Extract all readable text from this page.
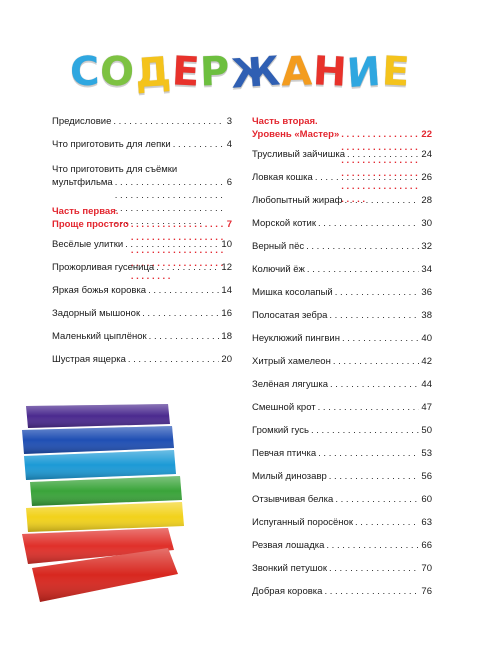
СОДЕРЖАНИЕ
Предисловие . . .	3
Что приготовить для лепки . . .	4
Что приготовить для съёмки
мультфильма . . .	6
Часть первая.
Проще простого . . .	7
Весёлые улитки . . .	10
Прожорливая гусеница . . .	12
Яркая божья коровка . . .	14
Задорный мышонок . . .	16
Маленький цыплёнок . . .	18
Шустрая ящерка . . .	20
Часть вторая.
Уровень «Мастер» . . .	22
Трусливый зайчишка . . .	24
Ловкая кошка . . .	26
Любопытный жираф . . .	28
Морской котик . . .	30
Верный пёс . . .	32
Колючий ёж . . .	34
Мишка косолапый . . .	36
Полосатая зебра . . .	38
Неуклюжий пингвин . . .	40
Хитрый хамелеон . . .	42
Зелёная лягушка . . .	44
Смешной крот . . .	47
Громкий гусь . . .	50
Певчая птичка . . .	53
Милый динозавр . . .	56
Отзывчивая белка . . .	60
Испуганный поросёнок . . .	63
Резвая лошадка . . .	66
Звонкий петушок . . .	70
Добрая коровка . . .	76
